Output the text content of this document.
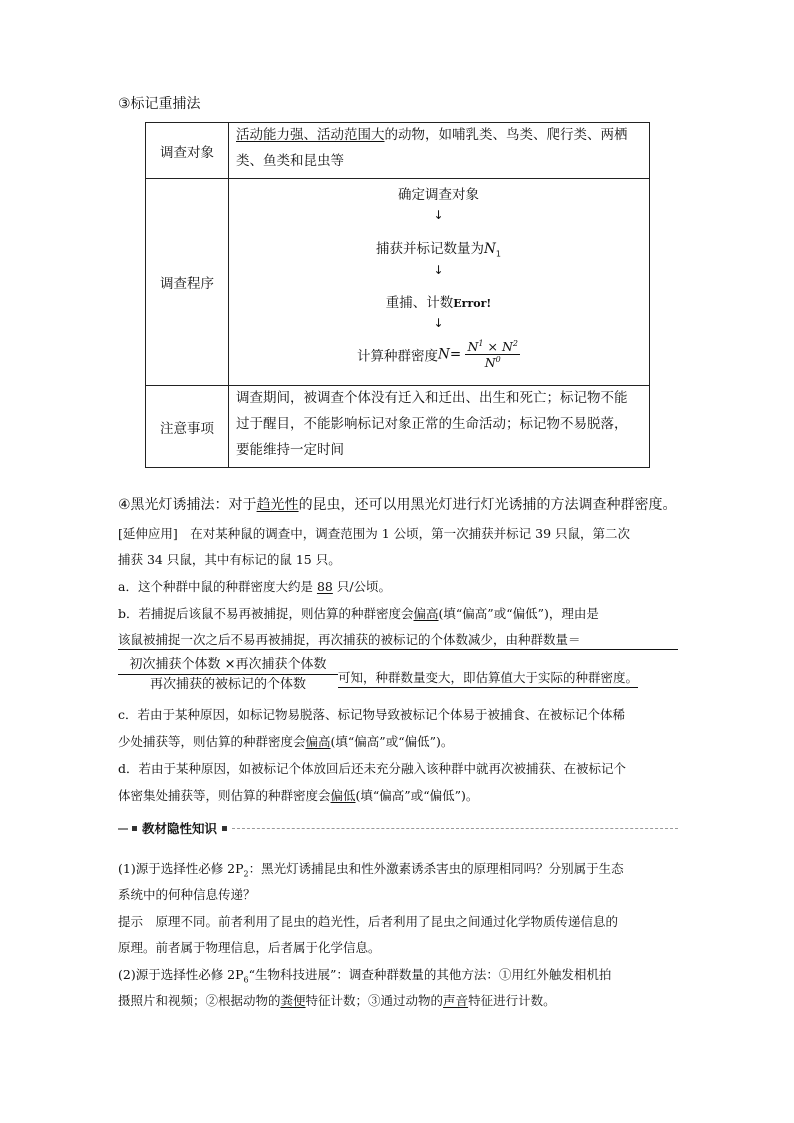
③标记重捕法
调查对象
活动能力强、活动范围大的动物，如哺乳类、鸟类、爬行类、两栖
类、鱼类和昆虫等
调查程序
确定调查对象
↓
捕获并标记数量为$N_1$
↓
重捕、计数Error!
↓
计算种群密度$N= \frac{N^1 \times N^2}{N^0}$
注意事项
调查期间，被调查个体没有迁入和迁出、出生和死亡；标记物不能
过于醒目，不能影响标记对象正常的生命活动；标记物不易脱落，
要能维持一定时间
④黑光灯诱捕法：对于趋光性的昆虫，还可以用黑光灯进行灯光诱捕的方法调查种群密度。
[延伸应用]　在对某种鼠的调查中，调查范围为 1 公顷，第一次捕获并标记 39 只鼠，第二次
捕获 34 只鼠，其中有标记的鼠 15 只。
a．这个种群中鼠的种群密度大约是 88 只/公顷。
b．若捕捉后该鼠不易再被捕捉，则估算的种群密度会偏高(填“偏高”或“偏低”)，理由是
该鼠被捕捉一次之后不易再被捕捉，再次捕获的被标记的个体数减少，由种群数量＝
初次捕获个体数 ×再次捕获个体数
再次捕获的被标记的个体数	可知，种群数量变大，即估算值大于实际的种群密度。
c．若由于某种原因，如标记物易脱落、标记物导致被标记个体易于被捕食、在被标记个体稀
少处捕获等，则估算的种群密度会偏高(填“偏高”或“偏低”)。
d．若由于某种原因，如被标记个体放回后还未充分融入该种群中就再次被捕获、在被标记个
体密集处捕获等，则估算的种群密度会偏低(填“偏高”或“偏低”)。
教材隐性知识
(1)源于选择性必修 $2P_2$：黑光灯诱捕昆虫和性外激素诱杀害虫的原理相同吗？分别属于生态
系统中的何种信息传递？
提示　 原理不同。前者利用了昆虫的趋光性，后者利用了昆虫之间通过化学物质传递信息的
原理。前者属于物理信息，后者属于化学信息。
(2)源于选择性必修 $2P_6“$生物科技进展”：调查种群数量的其他方法：①用红外触发相机拍
摄照片和视频；②根据动物的粪便特征计数；③通过动物的声音特征进行计数。
